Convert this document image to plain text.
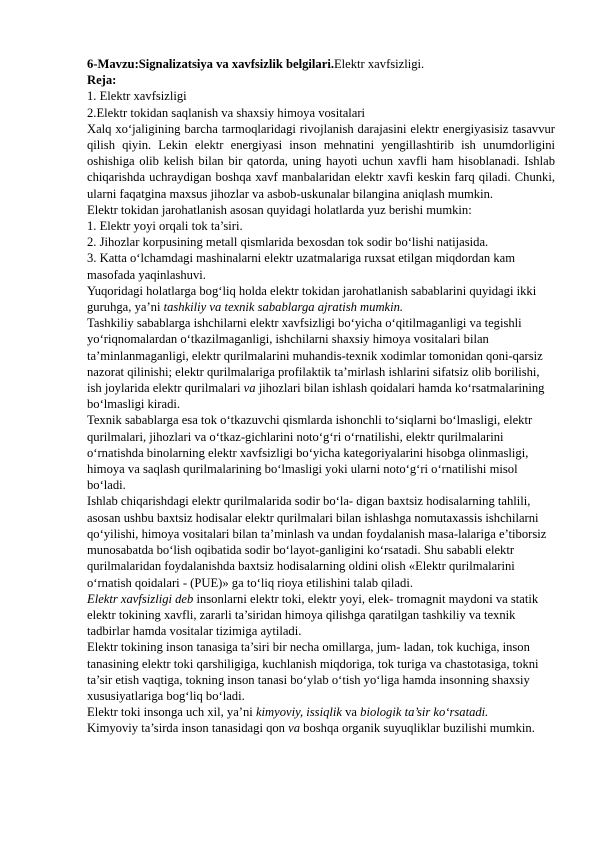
6-Mavzu:Signalizatsiya va xavfsizlik belgilari.Elektr xavfsizligi.

Reja:

1. Elektr xavfsizligi

2.Elektr tokidan saqlanish va shaxsiy himoya vositalari

Xalq xo‘jaligining barcha tarmoqlaridagi rivojlanish darajasini elektr energiyasisiz tasavvur qilish qiyin. Lekin elektr energiyasi inson mehnatini yengillashtirib ish unumdorligini oshishiga olib kelish bilan bir qatorda, uning hayoti uchun xavfli ham hisoblanadi. Ishlab chiqarishda uchraydigan boshqa xavf manbalaridan elektr xavfi keskin farq qiladi. Chunki, ularni faqatgina maxsus jihozlar va asbob-uskunalar bilangina aniqlash mumkin.

Elektr tokidan jarohatlanish asosan quyidagi holatlarda yuz berishi mumkin:

1. Elektr yoyi orqali tok ta’siri.

2. Jihozlar korpusining metall qismlarida bexosdan tok sodir bo‘lishi natijasida.

3. Katta o‘lchamdagi mashinalarni elektr uzatmalariga ruxsat etilgan miqdordan kam masofada yaqinlashuvi.

Yuqoridagi holatlarga bog‘liq holda elektr tokidan jarohatlanish sabablarini quyidagi ikki guruhga, ya’ni tashkiliy va texnik sabablarga ajratish mumkin.

Tashkiliy sabablarga ishchilarni elektr xavfsizligi bo‘yicha o‘qitilmaganligi va tegishli yo‘riqnomalardan o‘tkazilmaganligi, ishchilarni shaxsiy himoya vositalari bilan ta’minlanmaganligi, elektr qurilmalarini muhandis-texnik xodimlar tomonidan qoni-qarsiz nazorat qilinishi; elektr qurilmalariga profilaktik ta’mirlash ishlarini sifatsiz olib borilishi, ish joylarida elektr qurilmalari va jihozlari bilan ishlash qoidalari hamda ko‘rsatmalarining bo‘lmasligi kiradi.

Texnik sabablarga esa tok o‘tkazuvchi qismlarda ishonchli to‘siqlarni bo‘lmasligi, elektr qurilmalari, jihozlari va o‘tkaz-gichlarini noto‘g‘ri o‘rnatilishi, elektr qurilmalarini o‘rnatishda binolarning elektr xavfsizligi bo‘yicha kategoriyalarini hisobga olinmasligi, himoya va saqlash qurilmalarining bo‘lmasligi yoki ularni noto‘g‘ri o‘rnatilishi misol bo‘ladi.

Ishlab chiqarishdagi elektr qurilmalarida sodir bo‘la- digan baxtsiz hodisalarning tahlili, asosan ushbu baxtsiz hodisalar elektr qurilmalari bilan ishlashga nomutaxassis ishchilarni qo‘yilishi, himoya vositalari bilan ta’minlash va undan foydalanish masa-lalariga e’tiborsiz munosabatda bo‘lish oqibatida sodir bo‘layot-ganligini ko‘rsatadi. Shu sababli elektr qurilmalaridan foydalanishda baxtsiz hodisalarning oldini olish «Elektr qurilmalarini o‘rnatish qoidalari - (PUE)» ga to‘liq rioya etilishini talab qiladi.

Elektr xavfsizligi deb insonlarni elektr toki, elektr yoyi, elek- tromagnit maydoni va statik elektr tokining xavfli, zararli ta’siridan himoya qilishga qaratilgan tashkiliy va texnik tadbirlar hamda vositalar tizimiga aytiladi.

Elektr tokining inson tanasiga ta’siri bir necha omillarga, jum- ladan, tok kuchiga, inson tanasining elektr toki qarshiligiga, kuchlanish miqdoriga, tok turiga va chastotasiga, tokni ta’sir etish vaqtiga, tokning inson tanasi bo‘ylab o‘tish yo‘liga hamda insonning shaxsiy xususiyatlariga bog‘liq bo‘ladi.

Elektr toki insonga uch xil, ya’ni kimyoviy, issiqlik va biologik ta’sir ko‘rsatadi.

Kimyoviy ta’sirda inson tanasidagi qon va boshqa organik suyuqliklar buzilishi mumkin.
